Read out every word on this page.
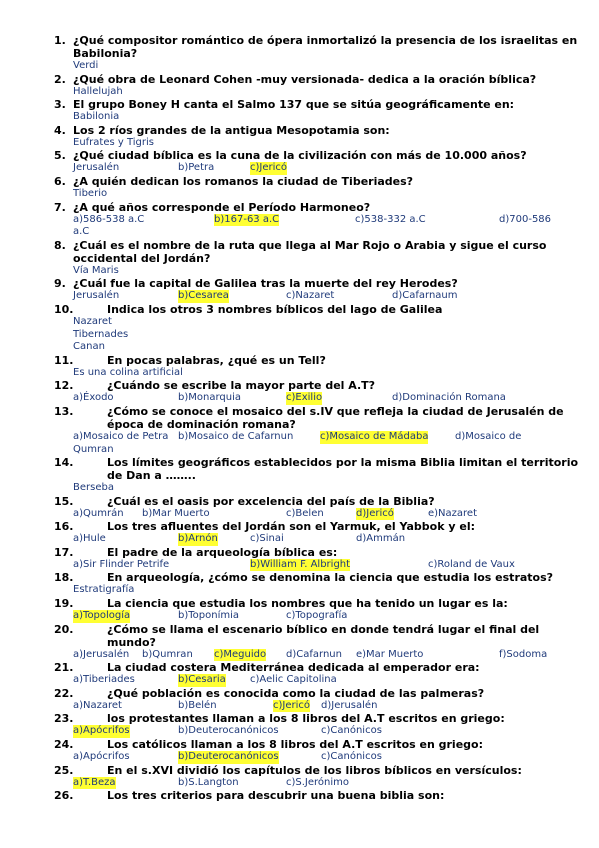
1. ¿Qué compositor romántico de ópera inmortalizó la presencia de los israelitas en Babilonia?
Verdi
2. ¿Qué obra de Leonard Cohen -muy versionada- dedica a la oración bíblica?
Hallelujah
3. El grupo Boney H canta el Salmo 137 que se sitúa geográficamente en:
Babilonia
4. Los 2 ríos grandes de la antigua Mesopotamia son:
Eufrates y Tigris
5. ¿Qué ciudad bíblica es la cuna de la civilización con más de 10.000 años?
Jerusalén	b)Petra	c)Jericó
6. ¿A quién dedican los romanos la ciudad de Tiberiades?
Tiberio
7. ¿A qué años corresponde el Período Harmoneo?
a)586-538 a.C	b)167-63 a.C	c)538-332 a.C	d)700-586
a.C
8. ¿Cuál es el nombre de la ruta que llega al Mar Rojo o Arabia y sigue el curso occidental del Jordán?
Vía Maris
9. ¿Cuál fue la capital de Galilea tras la muerte del rey Herodes?
Jerusalén	b)Cesarea	c)Nazaret	d)Cafarnaum
10.	Indica los otros 3 nombres bíblicos del lago de Galilea
Nazaret
Tibernades
Canan
11.	En pocas palabras, ¿qué es un Tell?
Es una colina artificial
12.	¿Cuándo se escribe la mayor parte del A.T?
a)Éxodo	b)Monarquia	c)Exilio	d)Dominación Romana
13.	¿Cómo se conoce el mosaico del s.IV que refleja la ciudad de Jerusalén de época de dominación romana?
a)Mosaico de Petra b)Mosaico de Cafarnun	c)Mosaico de Mádaba	d)Mosaico de
Qumran
14.	Los límites geográficos establecidos por la misma Biblia limitan el territorio de Dan a ……..
Berseba
15.	¿Cuál es el oasis por excelencia del país de la Biblia?
a)Qumrán b)Mar Muerto	c)Belen	d)Jericó	e)Nazaret
16.	Los tres afluentes del Jordán son el Yarmuk, el Yabbok y el:
a)Hule	b)Arnón	c)Sinai	d)Ammán
17.	El padre de la arqueología bíblica es:
a)Sir Flinder Petrife	b)William F. Albright	c)Roland de Vaux
18.	En arqueología, ¿cómo se denomina la ciencia que estudia los estratos?
Estratigrafía
19.	La ciencia que estudia los nombres que ha tenido un lugar es la:
a)Topología	b)Toponímia	c)Topografía
20.	¿Cómo se llama el escenario bíblico en donde tendrá lugar el final del mundo?
a)Jerusalén b)Qumran c)Meguido d)Cafarnun e)Mar Muerto	f)Sodoma
21.	La ciudad costera Mediterránea dedicada al emperador era:
a)Tiberiades	b)Cesaria c)Aelic Capitolina
22.	¿Qué población es conocida como la ciudad de las palmeras?
a)Nazaret	b)Belén	c)Jericó d)Jerusalén
23.	los protestantes llaman a los 8 libros del A.T escritos en griego:
a)Apócrifos	b)Deuterocanónicos	c)Canónicos
24.	Los católicos llaman a los 8 libros del A.T escritos en griego:
a)Apócrifos	b)Deuterocanónicos	c)Canónicos
25.	En el s.XVI dividió los capítulos de los libros bíblicos en versículos:
a)T.Beza	b)S.Langton	c)S.Jerónimo
26.	Los tres criterios para descubrir una buena biblia son:
